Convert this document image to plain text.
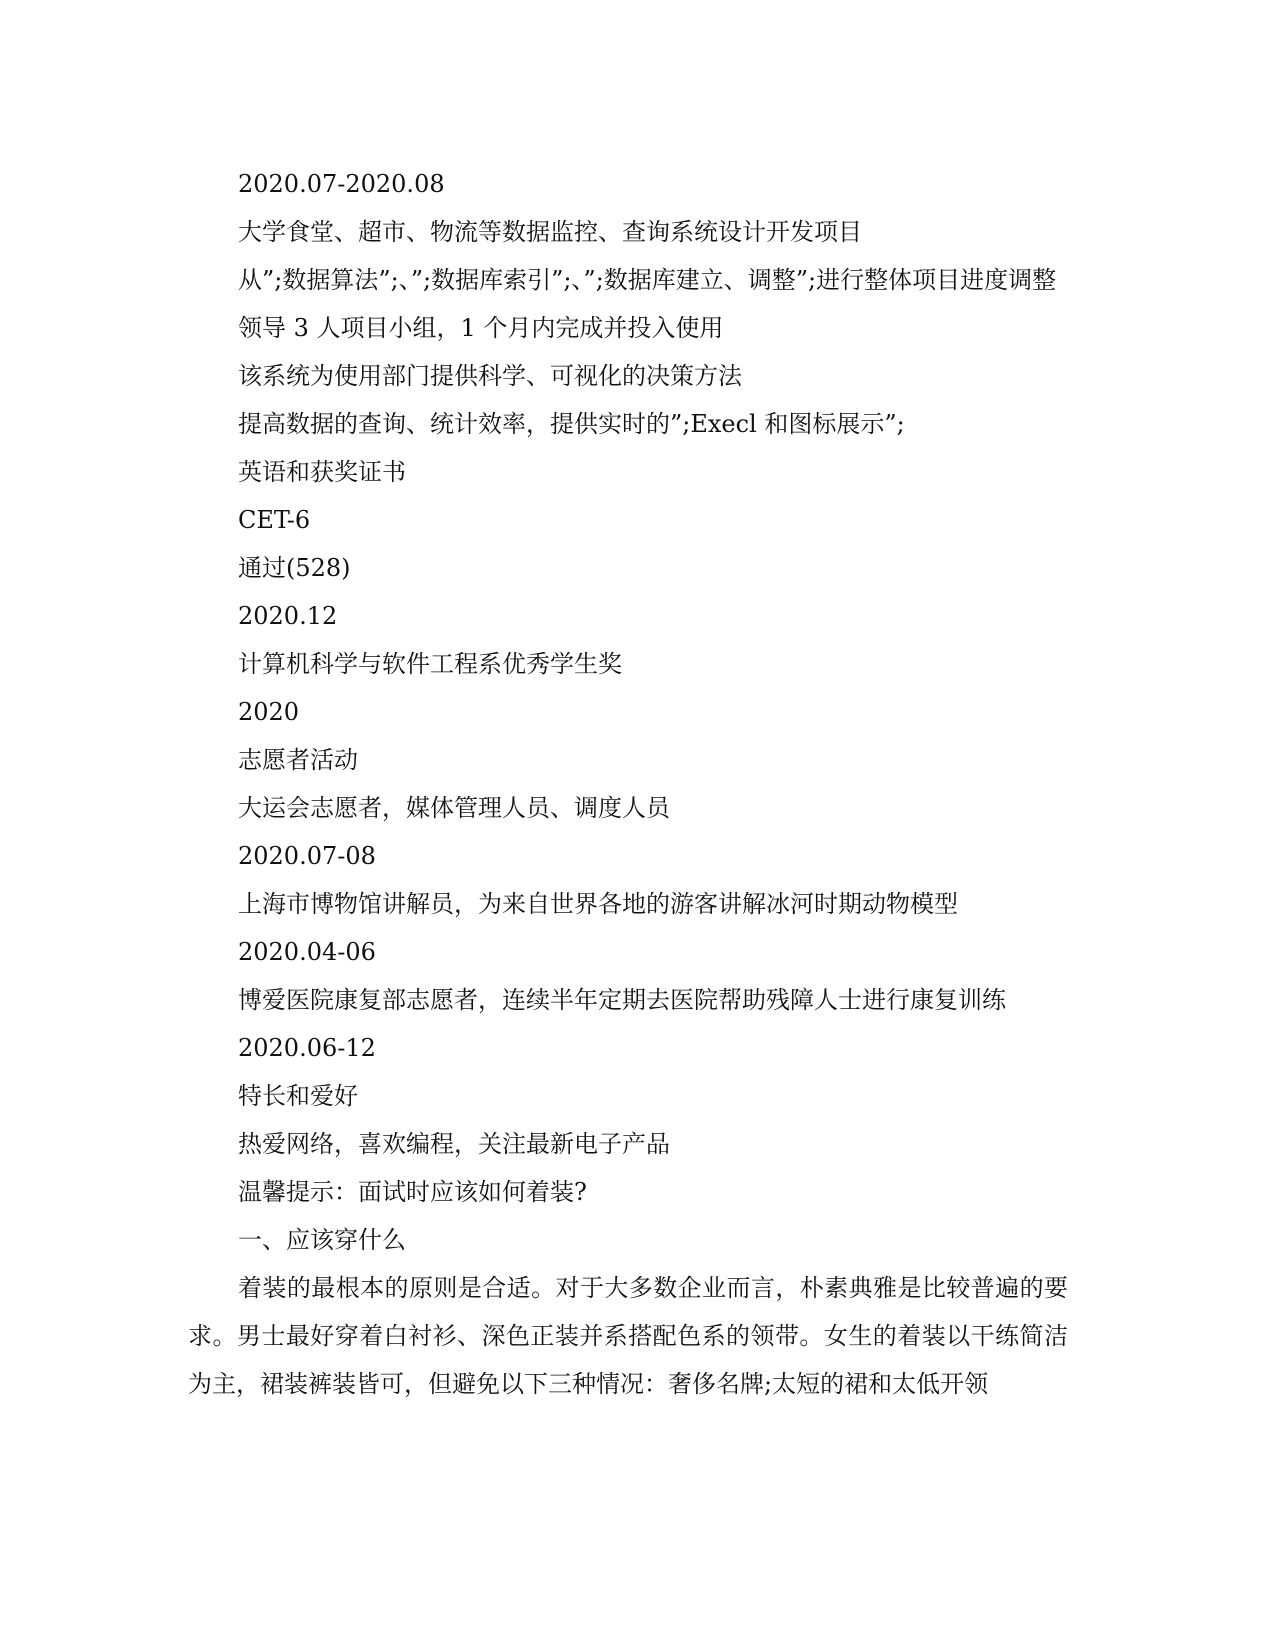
2020.07-2020.08

大学食堂、超市、物流等数据监控、查询系统设计开发项目

从”;数据算法”;、”;数据库索引”;、”;数据库建立、调整”;进行整体项目进度调整

领导 3 人项目小组，1 个月内完成并投入使用

该系统为使用部门提供科学、可视化的决策方法

提高数据的查询、统计效率，提供实时的”;Execl 和图标展示”;

英语和获奖证书

CET-6

通过(528)

2020.12

计算机科学与软件工程系优秀学生奖

2020

志愿者活动

大运会志愿者，媒体管理人员、调度人员

2020.07-08

上海市博物馆讲解员，为来自世界各地的游客讲解冰河时期动物模型

2020.04-06

博爱医院康复部志愿者，连续半年定期去医院帮助残障人士进行康复训练

2020.06-12

特长和爱好

热爱网络，喜欢编程，关注最新电子产品

温馨提示：面试时应该如何着装?

一、应该穿什么

着装的最根本的原则是合适。对于大多数企业而言，朴素典雅是比较普遍的要求。男士最好穿着白衬衫、深色正装并系搭配色系的领带。女生的着装以干练简洁为主，裙装裤装皆可，但避免以下三种情况：奢侈名牌;太短的裙和太低开领
